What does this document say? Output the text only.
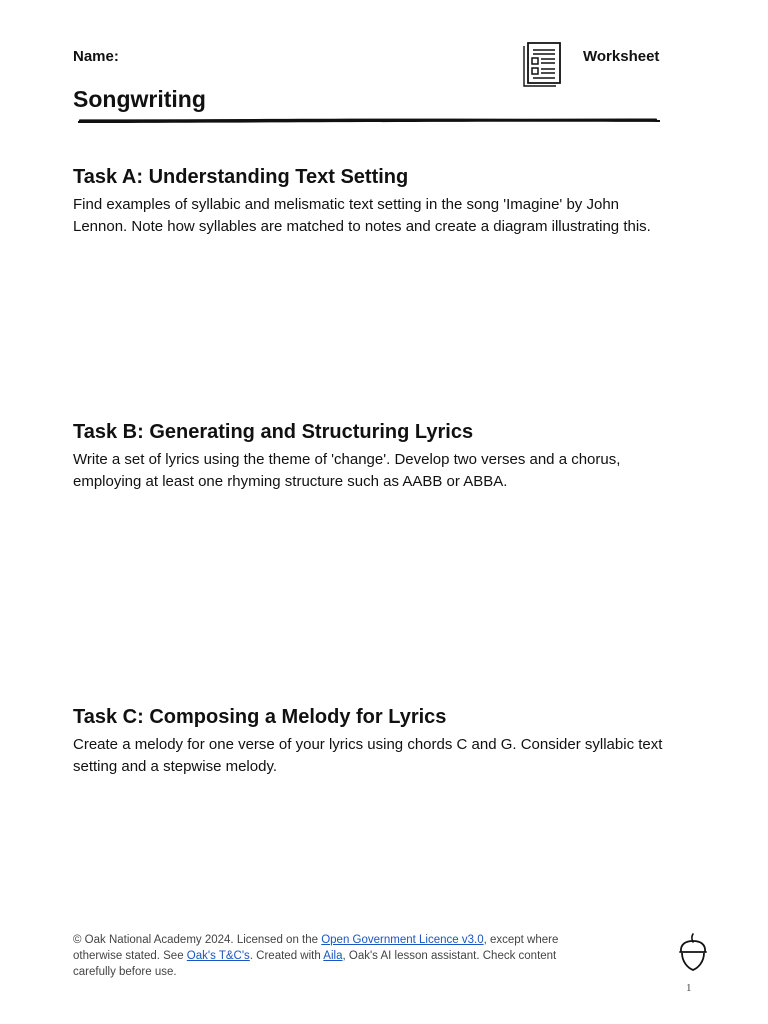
Name:	Worksheet
Songwriting
Task A: Understanding Text Setting

Find examples of syllabic and melismatic text setting in the song 'Imagine' by John Lennon. Note how syllables are matched to notes and create a diagram illustrating this.

Task B: Generating and Structuring Lyrics

Write a set of lyrics using the theme of 'change'. Develop two verses and a chorus, employing at least one rhyming structure such as AABB or ABBA.

Task C: Composing a Melody for Lyrics

Create a melody for one verse of your lyrics using chords C and G. Consider syllabic text setting and a stepwise melody.

© Oak National Academy 2024. Licensed on the Open Government Licence v3.0, except where otherwise stated. See Oak's T&C's. Created with Aila, Oak's AI lesson assistant. Check content carefully before use.
1
